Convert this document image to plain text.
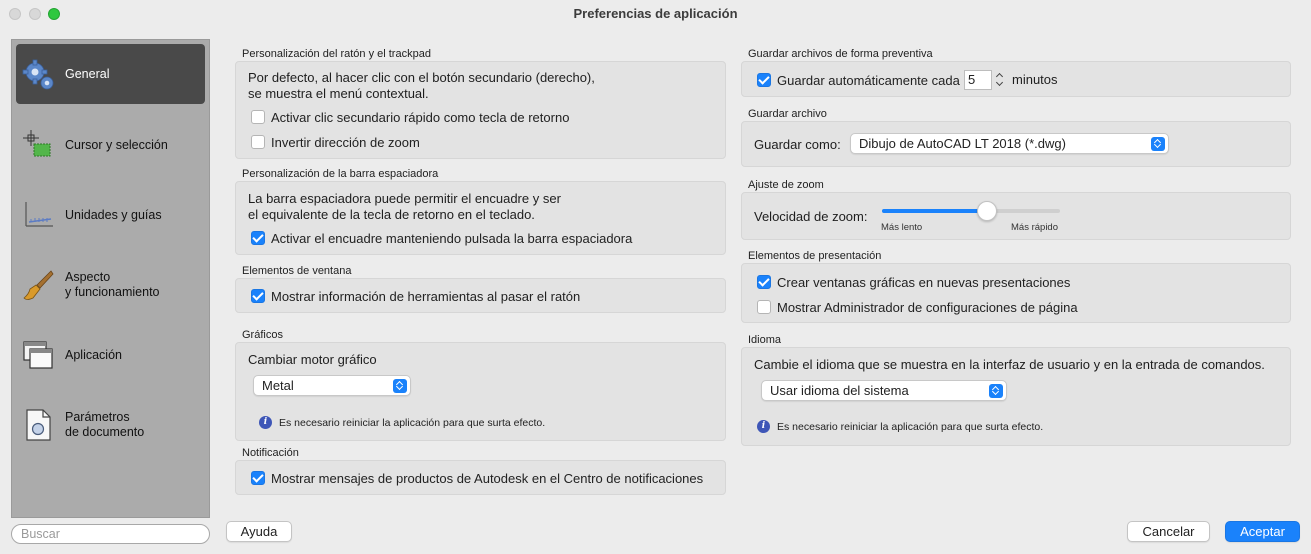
Preferencias de aplicación
General
Cursor y selección
Unidades y guías
Aspecto
y funcionamiento
Aplicación
Parámetros
de documento
Buscar
Personalización del ratón y el trackpad
Por defecto, al hacer clic con el botón secundario (derecho),
se muestra el menú contextual.
Activar clic secundario rápido como tecla de retorno
Invertir dirección de zoom
Personalización de la barra espaciadora
La barra espaciadora puede permitir el encuadre y ser
el equivalente de la tecla de retorno en el teclado.
Activar el encuadre manteniendo pulsada la barra espaciadora
Elementos de ventana
Mostrar información de herramientas al pasar el ratón
Gráficos
Cambiar motor gráfico
Metal
i	Es necesario reiniciar la aplicación para que surta efecto.
Notificación
Mostrar mensajes de productos de Autodesk en el Centro de notificaciones
Guardar archivos de forma preventiva
Guardar automáticamente cada 5	minutos
Guardar archivo
Guardar como: Dibujo de AutoCAD LT 2018 (*.dwg)
Ajuste de zoom
Velocidad de zoom:
Más lento	Más rápido
Elementos de presentación
Crear ventanas gráficas en nuevas presentaciones
Mostrar Administrador de configuraciones de página
Idioma
Cambie el idioma que se muestra en la interfaz de usuario y en la entrada de comandos.
Usar idioma del sistema
i	Es necesario reiniciar la aplicación para que surta efecto.
Ayuda	Cancelar	Aceptar
